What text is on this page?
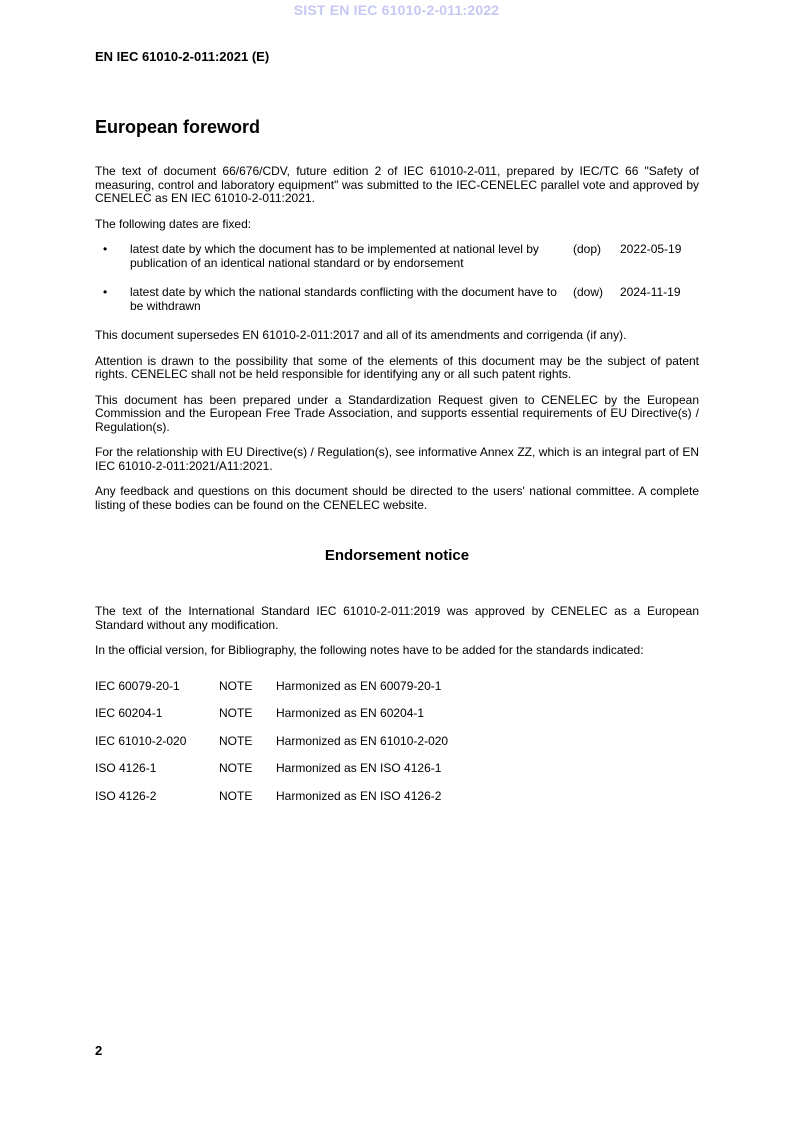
SIST EN IEC 61010-2-011:2022
EN IEC 61010-2-011:2021 (E)
European foreword

The text of document 66/676/CDV, future edition 2 of IEC 61010-2-011, prepared by IEC/TC 66 "Safety of measuring, control and laboratory equipment" was submitted to the IEC-CENELEC parallel vote and approved by CENELEC as EN IEC 61010-2-011:2021.

The following dates are fixed:

•	latest date by which the document has to be implemented at national level by publication of an identical national standard or by endorsement
(dop)	2022-05-19
•	latest date by which the national standards conflicting with the document have to be withdrawn
(dow)	2024-11-19

This document supersedes EN 61010-2-011:2017 and all of its amendments and corrigenda (if any).

Attention is drawn to the possibility that some of the elements of this document may be the subject of patent rights. CENELEC shall not be held responsible for identifying any or all such patent rights.

This document has been prepared under a Standardization Request given to CENELEC by the European Commission and the European Free Trade Association, and supports essential requirements of EU Directive(s) / Regulation(s).

For the relationship with EU Directive(s) / Regulation(s), see informative Annex ZZ, which is an integral part of EN IEC 61010-2-011:2021/A11:2021.

Any feedback and questions on this document should be directed to the users' national committee. A complete listing of these bodies can be found on the CENELEC website.

Endorsement notice

The text of the International Standard IEC 61010-2-011:2019 was approved by CENELEC as a European Standard without any modification.

In the official version, for Bibliography, the following notes have to be added for the standards indicated:

IEC 60079-20-1	NOTE	Harmonized as EN 60079-20-1
IEC 60204-1	NOTE	Harmonized as EN 60204-1
IEC 61010-2-020	NOTE	Harmonized as EN 61010-2-020
ISO 4126-1	NOTE	Harmonized as EN ISO 4126-1
ISO 4126-2	NOTE	Harmonized as EN ISO 4126-2
2
